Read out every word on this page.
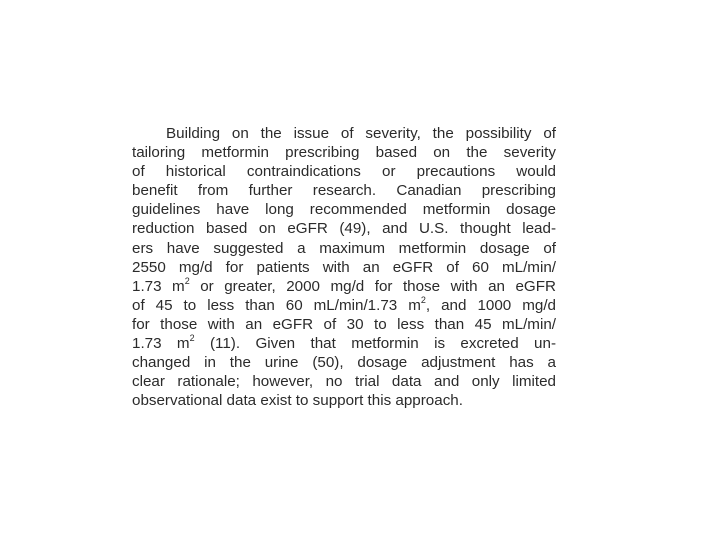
Building on the issue of severity, the possibility of
tailoring metformin prescribing based on the severity
of historical contraindications or precautions would
benefit from further research. Canadian prescribing
guidelines have long recommended metformin dosage
reduction based on eGFR (49), and U.S. thought lead-
ers have suggested a maximum metformin dosage of
2550 mg/d for patients with an eGFR of 60 mL/min/
1.73 $m^2$ or greater, 2000 mg/d for those with an eGFR
of 45 to less than 60 mL/min/1.73 $m^2$, and 1000 mg/d
for those with an eGFR of 30 to less than 45 mL/min/
1.73 $m^2$ (11). Given that metformin is excreted un-
changed in the urine (50), dosage adjustment has a
clear rationale; however, no trial data and only limited
observational data exist to support this approach.
